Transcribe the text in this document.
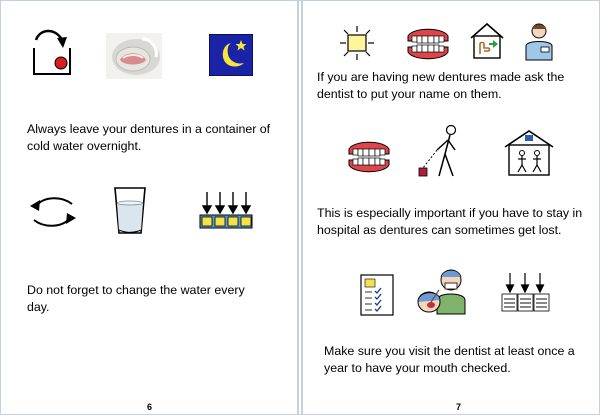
Always leave your dentures in a container of cold water overnight.
Do not forget to change the water every day.
6
If you are having new dentures made ask the dentist to put your name on them.
This is especially important if you have to stay in hospital as dentures can sometimes get lost.
Make sure you visit the dentist at least once a year to have your mouth checked.
7
